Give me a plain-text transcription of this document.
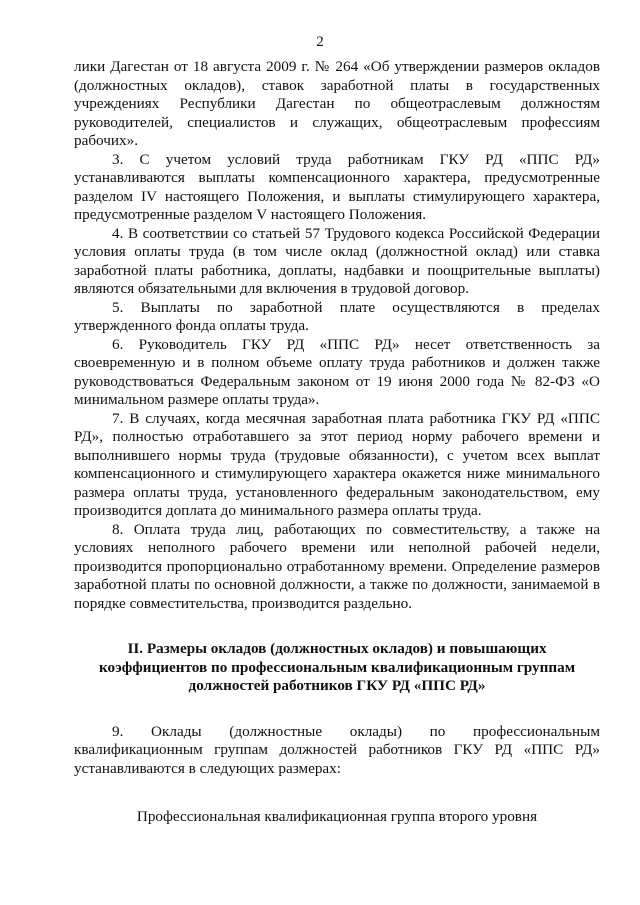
2

лики Дагестан от 18 августа 2009 г. № 264 «Об утверждении размеров окладов (должностных окладов), ставок заработной платы в государственных учреждениях Республики Дагестан по общеотраслевым должностям руководителей, специалистов и служащих, общеотраслевым профессиям рабочих».

3. С учетом условий труда работникам ГКУ РД «ППС РД» устанавливаются выплаты компенсационного характера, предусмотренные разделом IV настоящего Положения, и выплаты стимулирующего характера, предусмотренные разделом V настоящего Положения.

4. В соответствии со статьей 57 Трудового кодекса Российской Федерации условия оплаты труда (в том числе оклад (должностной оклад) или ставка заработной платы работника, доплаты, надбавки и поощрительные выплаты) являются обязательными для включения в трудовой договор.

5. Выплаты по заработной плате осуществляются в пределах утвержденного фонда оплаты труда.

6. Руководитель ГКУ РД «ППС РД» несет ответственность за своевременную и в полном объеме оплату труда работников и должен также руководствоваться Федеральным законом от 19 июня 2000 года № 82-ФЗ «О минимальном размере оплаты труда».

7. В случаях, когда месячная заработная плата работника ГКУ РД «ППС РД», полностью отработавшего за этот период норму рабочего времени и выполнившего нормы труда (трудовые обязанности), с учетом всех выплат компенсационного и стимулирующего характера окажется ниже минимального размера оплаты труда, установленного федеральным законодательством, ему производится доплата до минимального размера оплаты труда.

8. Оплата труда лиц, работающих по совместительству, а также на условиях неполного рабочего времени или неполной рабочей недели, производится пропорционально отработанному времени. Определение размеров заработной платы по основной должности, а также по должности, занимаемой в порядке совместительства, производится раздельно.

II. Размеры окладов (должностных окладов) и повышающих коэффициентов по профессиональным квалификационным группам должностей работников ГКУ РД «ППС РД»
9. Оклады (должностные оклады) по профессиональным
квалификационным группам должностей работников ГКУ РД «ППС РД»
устанавливаются в следующих размерах:
Профессиональная квалификационная группа второго уровня
